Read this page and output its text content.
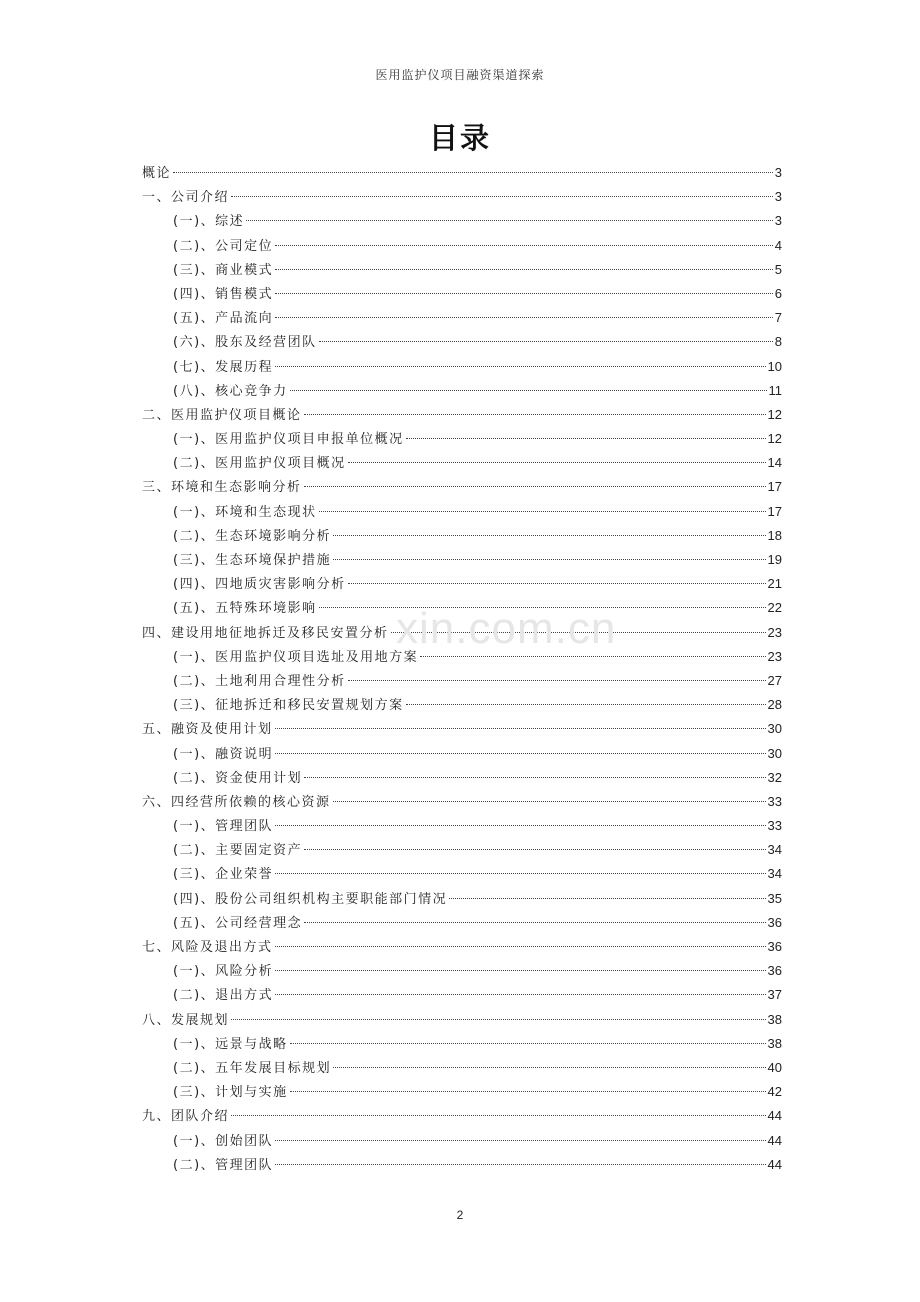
医用监护仪项目融资渠道探索
目录
概论	3
一、公司介绍	3
(一)、综述	3
(二)、公司定位	4
(三)、商业模式	5
(四)、销售模式	6
(五)、产品流向	7
(六)、股东及经营团队	8
(七)、发展历程	10
(八)、核心竞争力	11
二、医用监护仪项目概论	12
(一)、医用监护仪项目申报单位概况	12
(二)、医用监护仪项目概况	14
三、环境和生态影响分析	17
(一)、环境和生态现状	17
(二)、生态环境影响分析	18
(三)、生态环境保护措施	19
(四)、四地质灾害影响分析	21
(五)、五特殊环境影响	22
四、建设用地征地拆迁及移民安置分析	23
(一)、医用监护仪项目选址及用地方案	23
(二)、土地利用合理性分析	27
(三)、征地拆迁和移民安置规划方案	28
五、融资及使用计划	30
(一)、融资说明	30
(二)、资金使用计划	32
六、四经营所依赖的核心资源	33
(一)、管理团队	33
(二)、主要固定资产	34
(三)、企业荣誉	34
(四)、股份公司组织机构主要职能部门情况	35
(五)、公司经营理念	36
七、风险及退出方式	36
(一)、风险分析	36
(二)、退出方式	37
八、发展规划	38
(一)、远景与战略	38
(二)、五年发展目标规划	40
(三)、计划与实施	42
九、团队介绍	44
(一)、创始团队	44
(二)、管理团队	44
xin.com.cn
2
